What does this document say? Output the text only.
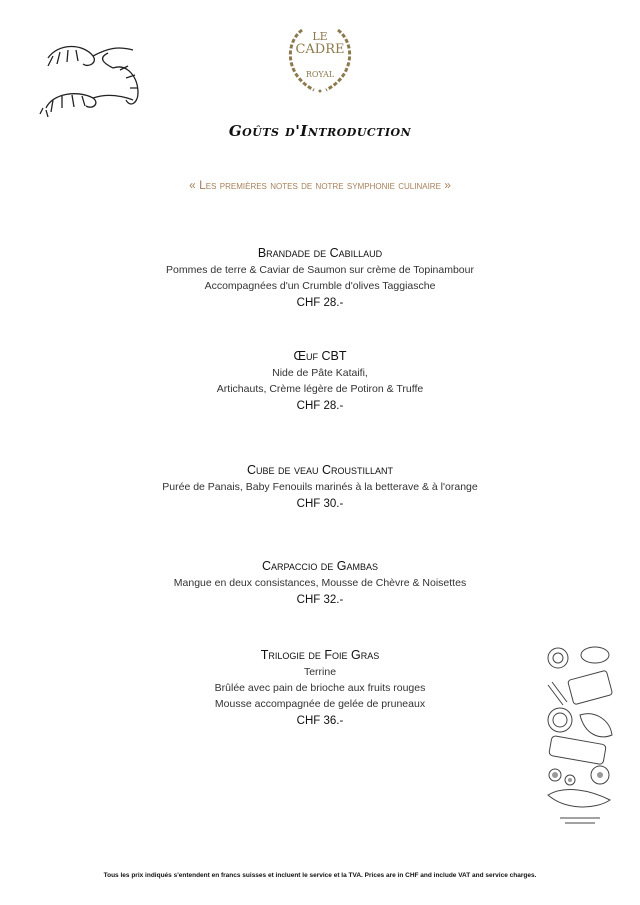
LE
CADRE
ROYAL
Goûts d'Introduction
« Les premières notes de notre symphonie culinaire »
Brandade de Cabillaud
Pommes de terre & Caviar de Saumon sur crème de Topinambour
Accompagnées d'un Crumble d'olives Taggiasche
CHF 28.-
Œuf CBT
Nide de Pâte Kataifi,
Artichauts, Crème légère de Potiron & Truffe
CHF 28.-
Cube de veau Croustillant
Purée de Panais, Baby Fenouils marinés à la betterave & à l'orange
CHF 30.-
Carpaccio de Gambas
Mangue en deux consistances, Mousse de Chèvre & Noisettes
CHF 32.-
Trilogie de Foie Gras
Terrine
Brûlée avec pain de brioche aux fruits rouges
Mousse accompagnée de gelée de pruneaux
CHF 36.-
Tous les prix indiqués s'entendent en francs suisses et incluent le service et la TVA. Prices are in CHF and include VAT and service charges.
